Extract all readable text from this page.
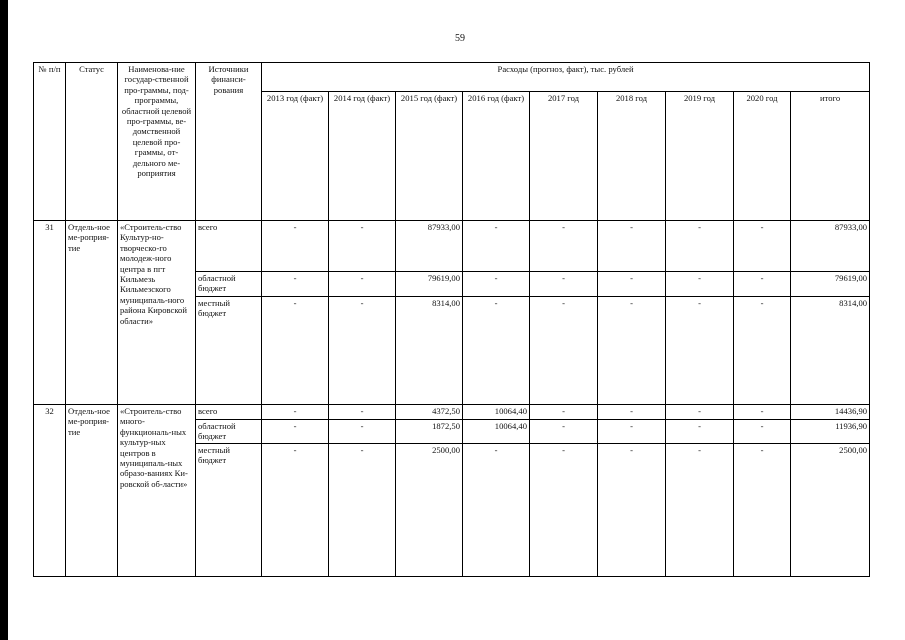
59
№ п/п	Статус	Наименова-ние государ-ственной про-граммы, под-программы, областной целевой про-граммы, ве-домственной целевой про-граммы, от-дельного ме-роприятия	Источники финанси-рования	Расходы (прогноз, факт), тыс. рублей								
				2013 год (факт)	2014 год (факт)	2015 год (факт)	2016 год (факт)	2017 год	2018 год	2019 год	2020 год	итого
31	Отдель-ное ме-роприя-тие	«Строитель-ство Культур-но-творческо-го молодеж-ного центра в пгт Кильмезь Кильмезского муниципаль-ного района Кировской области»	всего	-	-	87933,00	-	-	-	-	-	87933,00
			областной бюджет	-	-	79619,00	-	-	-	-	-	79619,00
			местный бюджет	-	-	8314,00	-	-	-	-	-	8314,00
32	Отдель-ное ме-роприя-тие	«Строитель-ство много-функциональ-ных культур-ных центров в муниципаль-ных образо-ваниях Ки-ровской об-ласти»	всего	-	-	4372,50	10064,40	-	-	-	-	14436,90
			областной бюджет	-	-	1872,50	10064,40	-	-	-	-	11936,90
			местный бюджет	-	-	2500,00	-	-	-	-	-	2500,00
